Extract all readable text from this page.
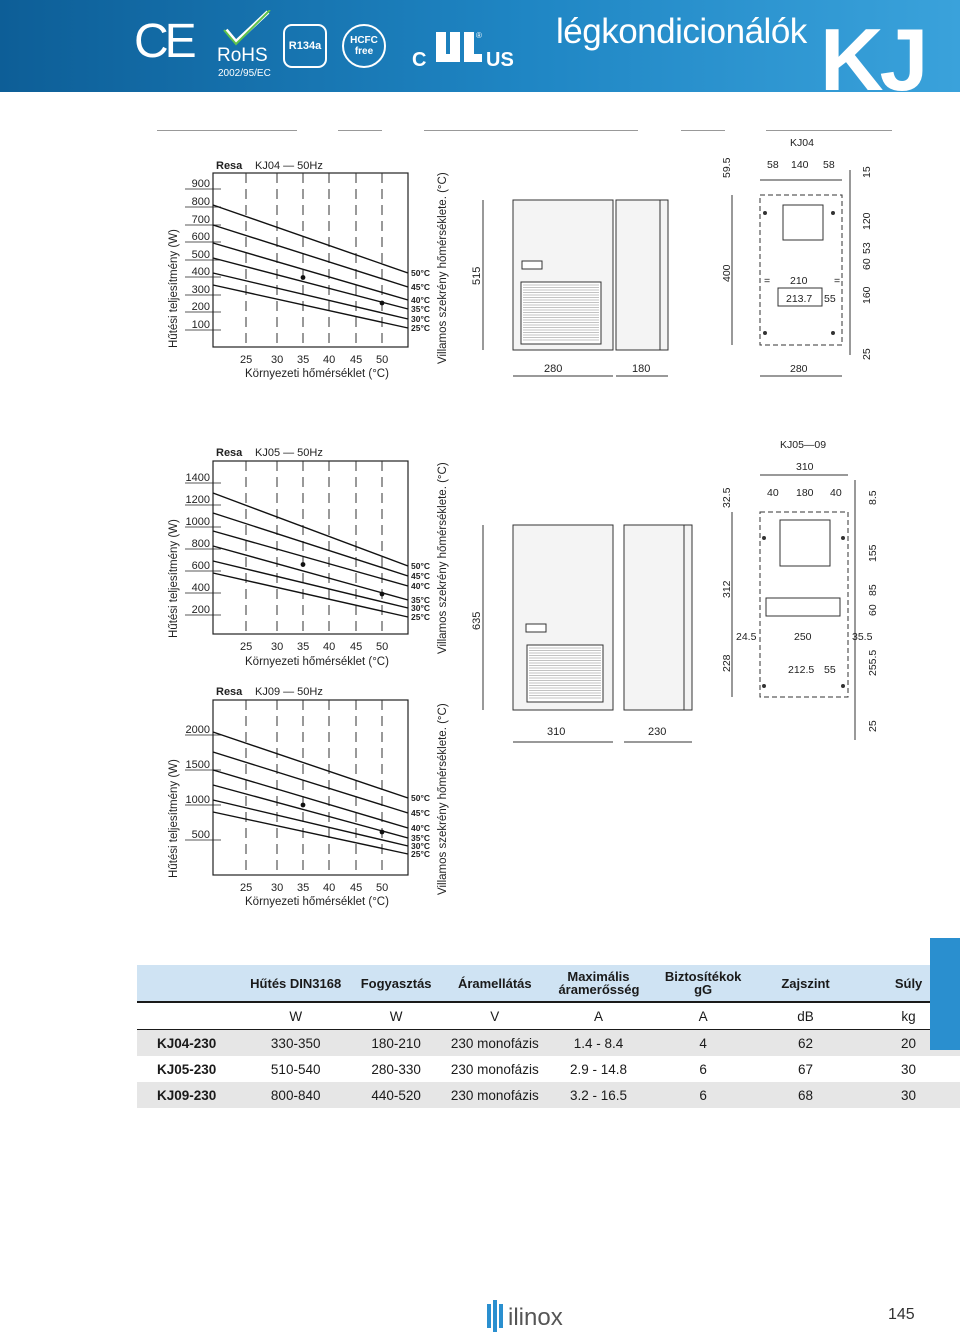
CE RoHS
2002/95/EC
R134a	HCFC
free C
®
US
légkondicionálók KJ
Resa KJ04 — 50Hz
Hűtési teljesítmény (W)
Környezeti hőmérséklet (°C)
Villamos szekrény hőmérséklete. (°C)
25 30 35 40 45 50
900
800
700
600
500
400
300
200
100
50°C
45°C
40°C
35°C
30°C
25°C
Resa KJ05 — 50Hz
Hűtési teljesítmény (W)
Környezeti hőmérséklet (°C)
Villamos szekrény hőmérséklete. (°C)
25 30 35 40 45 50
1400
1200
1000
800
600
400
200
50°C
45°C
40°C
35°C
30°C
25°C
Resa KJ09 — 50Hz
Hűtési teljesítmény (W)
Környezeti hőmérséklet (°C)
Villamos szekrény hőmérséklete. (°C)
25 30 35 40 45 50
2000
1500
1000
500
50°C
45°C
40°C
35°C
30°C
25°C
515
280	180
635
310	230
KJ04
58 140 58
59.5	15
120
53
60
160
25
400	210
213.7 55
280
=	=
KJ05—09
310
40 180 40
32.5	8.5
155
85
60
255.5
25
312
228
24.5	250	35.5
212.5 55
	Hűtés DIN3168	Fogyasztás	Áramellátás	Maximális áramerősség	Biztosítékok gG	Zajszint	Súly
	W	W	V	A	A	dB	kg
KJ04-230	330-350	180-210	230 monofázis	1.4 - 8.4	4	62	20
KJ05-230	510-540	280-330	230 monofázis	2.9 - 14.8	6	67	30
KJ09-230	800-840	440-520	230 monofázis	3.2 - 16.5	6	68	30
ilinox	145
